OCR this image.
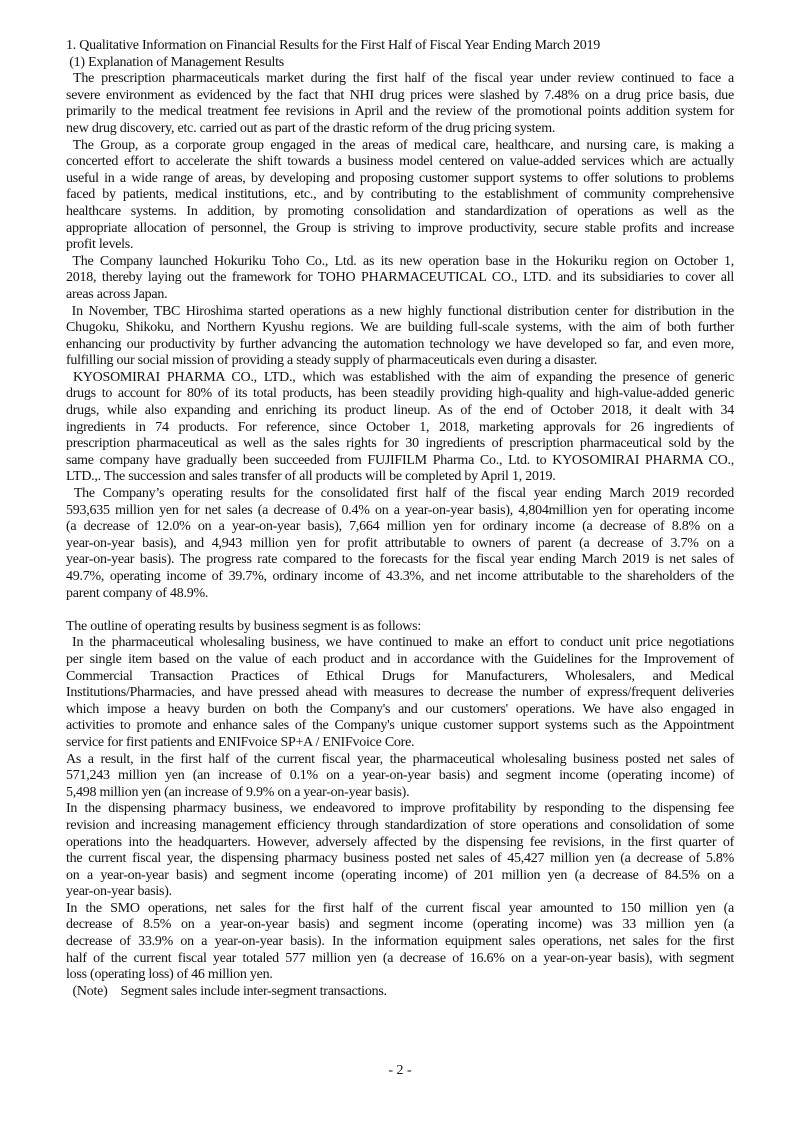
1. Qualitative Information on Financial Results for the First Half of Fiscal Year Ending March 2019
(1) Explanation of Management Results
The prescription pharmaceuticals market during the first half of the fiscal year under review continued to face a
severe environment as evidenced by the fact that NHI drug prices were slashed by 7.48% on a drug price basis, due
primarily to the medical treatment fee revisions in April and the review of the promotional points addition system for
new drug discovery, etc. carried out as part of the drastic reform of the drug pricing system.
The Group, as a corporate group engaged in the areas of medical care, healthcare, and nursing care, is making a
concerted effort to accelerate the shift towards a business model centered on value-added services which are actually
useful in a wide range of areas, by developing and proposing customer support systems to offer solutions to problems
faced by patients, medical institutions, etc., and by contributing to the establishment of community comprehensive
healthcare systems. In addition, by promoting consolidation and standardization of operations as well as the
appropriate allocation of personnel, the Group is striving to improve productivity, secure stable profits and increase
profit levels.
The Company launched Hokuriku Toho Co., Ltd. as its new operation base in the Hokuriku region on October 1,
2018, thereby laying out the framework for TOHO PHARMACEUTICAL CO., LTD. and its subsidiaries to cover all
areas across Japan.
In November, TBC Hiroshima started operations as a new highly functional distribution center for distribution in the
Chugoku, Shikoku, and Northern Kyushu regions. We are building full-scale systems, with the aim of both further
enhancing our productivity by further advancing the automation technology we have developed so far, and even more,
fulfilling our social mission of providing a steady supply of pharmaceuticals even during a disaster.
KYOSOMIRAI PHARMA CO., LTD., which was established with the aim of expanding the presence of generic
drugs to account for 80% of its total products, has been steadily providing high-quality and high-value-added generic
drugs, while also expanding and enriching its product lineup. As of the end of October 2018, it dealt with 34
ingredients in 74 products. For reference, since October 1, 2018, marketing approvals for 26 ingredients of
prescription pharmaceutical as well as the sales rights for 30 ingredients of prescription pharmaceutical sold by the
same company have gradually been succeeded from FUJIFILM Pharma Co., Ltd. to KYOSOMIRAI PHARMA CO.,
LTD.,. The succession and sales transfer of all products will be completed by April 1, 2019.
The Company’s operating results for the consolidated first half of the fiscal year ending March 2019 recorded
593,635 million yen for net sales (a decrease of 0.4% on a year-on-year basis), 4,804million yen for operating income
(a decrease of 12.0% on a year-on-year basis), 7,664 million yen for ordinary income (a decrease of 8.8% on a
year-on-year basis), and 4,943 million yen for profit attributable to owners of parent (a decrease of 3.7% on a
year-on-year basis). The progress rate compared to the forecasts for the fiscal year ending March 2019 is net sales of
49.7%, operating income of 39.7%, ordinary income of 43.3%, and net income attributable to the shareholders of the
parent company of 48.9%.
The outline of operating results by business segment is as follows:
In the pharmaceutical wholesaling business, we have continued to make an effort to conduct unit price negotiations
per single item based on the value of each product and in accordance with the Guidelines for the Improvement of
Commercial Transaction Practices of Ethical Drugs for Manufacturers, Wholesalers, and Medical
Institutions/Pharmacies, and have pressed ahead with measures to decrease the number of express/frequent deliveries
which impose a heavy burden on both the Company's and our customers' operations. We have also engaged in
activities to promote and enhance sales of the Company's unique customer support systems such as the Appointment
service for first patients and ENIFvoice SP+A / ENIFvoice Core.
As a result, in the first half of the current fiscal year, the pharmaceutical wholesaling business posted net sales of
571,243 million yen (an increase of 0.1% on a year-on-year basis) and segment income (operating income) of
5,498 million yen (an increase of 9.9% on a year-on-year basis).
In the dispensing pharmacy business, we endeavored to improve profitability by responding to the dispensing fee
revision and increasing management efficiency through standardization of store operations and consolidation of some
operations into the headquarters. However, adversely affected by the dispensing fee revisions, in the first quarter of
the current fiscal year, the dispensing pharmacy business posted net sales of 45,427 million yen (a decrease of 5.8%
on a year-on-year basis) and segment income (operating income) of 201 million yen (a decrease of 84.5% on a
year-on-year basis).
In the SMO operations, net sales for the first half of the current fiscal year amounted to 150 million yen (a
decrease of 8.5% on a year-on-year basis) and segment income (operating income) was 33 million yen (a
decrease of 33.9% on a year-on-year basis). In the information equipment sales operations, net sales for the first
half of the current fiscal year totaled 577 million yen (a decrease of 16.6% on a year-on-year basis), with segment
loss (operating loss) of 46 million yen.
(Note)    Segment sales include inter-segment transactions.
- 2 -
